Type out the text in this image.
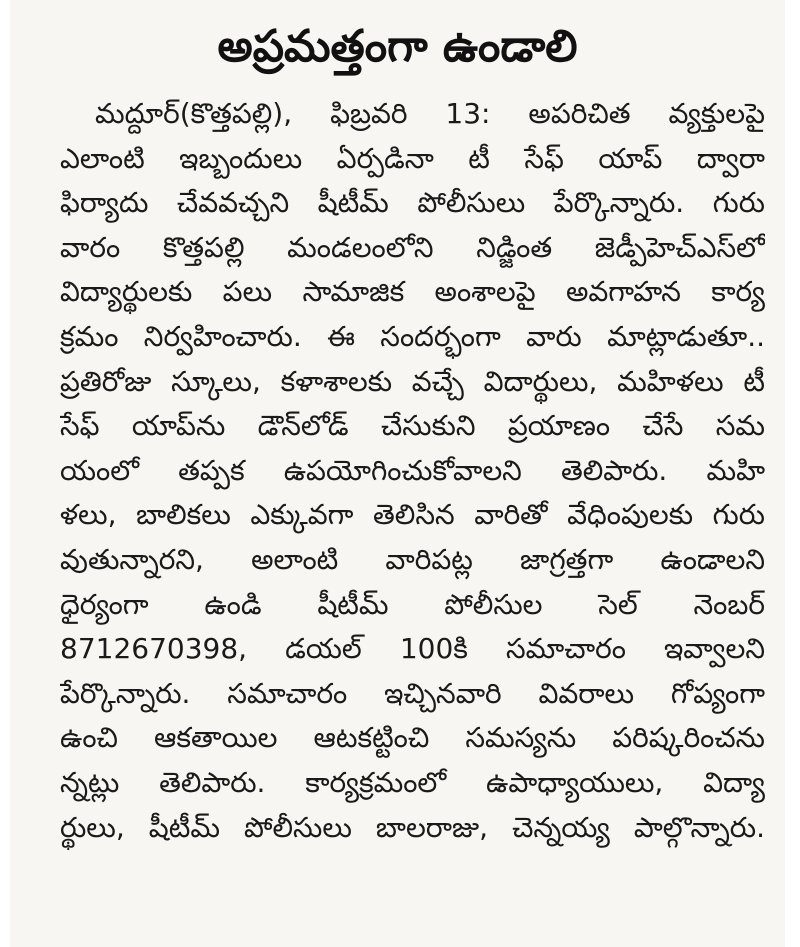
అప్రమత్తంగా ఉండాలి
మద్దూర్(కొత్తపల్లి), ఫిబ్రవరి 13: అపరిచిత వ్యక్తులపై
ఎలాంటి ఇబ్బందులు ఏర్పడినా టీ సేఫ్ యాప్ ద్వారా
ఫిర్యాదు చేవవచ్చని షీటీమ్ పోలీసులు పేర్కొన్నారు. గురు
వారం కొత్తపల్లి మండలంలోని నిడ్జింత జెడ్పీహెచ్ఎస్‌లో
విద్యార్థులకు పలు సామాజిక అంశాలపై అవగాహన కార్య
క్రమం నిర్వహించారు. ఈ సందర్భంగా వారు మాట్లాడుతూ..
ప్రతిరోజు స్కూలు, కళాశాలకు వచ్చే విదార్థులు, మహిళలు టీ
సేఫ్ యాప్‌ను డౌన్‌లోడ్ చేసుకుని ప్రయాణం చేసే సమ
యంలో తప్పక ఉపయోగించుకోవాలని తెలిపారు. మహి
ళలు, బాలికలు ఎక్కువగా తెలిసిన వారితో వేధింపులకు గురు
వుతున్నారని, అలాంటి వారిపట్ల జాగ్రత్తగా ఉండాలని
ధైర్యంగా ఉండి షీటీమ్ పోలీసుల సెల్ నెంబర్
8712670398, డయల్ 100కి సమాచారం ఇవ్వాలని
పేర్కొన్నారు. సమాచారం ఇచ్చినవారి వివరాలు గోప్యంగా
ఉంచి ఆకతాయిల ఆటకట్టించి సమస్యను పరిష్కరించను
న్నట్లు తెలిపారు. కార్యక్రమంలో ఉపాధ్యాయులు, విద్యా
ర్థులు, షీటీమ్ పోలీసులు బాలరాజు, చెన్నయ్య పాల్గొన్నారు.
